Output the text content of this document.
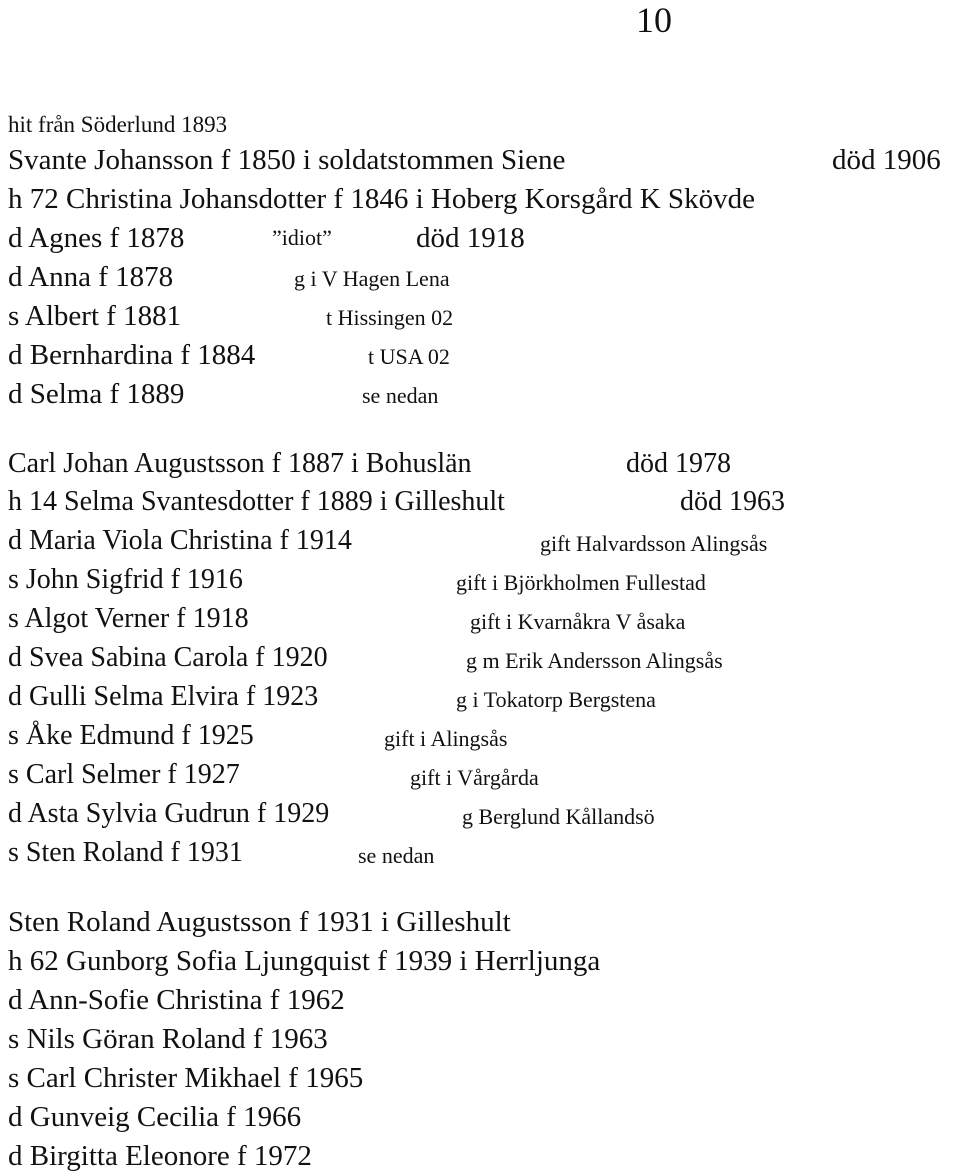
10
hit från Söderlund 1893
Svante Johansson f 1850 i soldatstommen Siene	död 1906
h 72 Christina Johansdotter f 1846 i Hoberg Korsgård K Skövde
d Agnes f 1878	”idiot”	död 1918
d Anna f 1878	g i V Hagen Lena
s Albert f 1881	t Hissingen 02
d Bernhardina f 1884	t USA 02
d Selma f 1889	se nedan
Carl Johan Augustsson f 1887 i Bohuslän	död 1978
h 14 Selma Svantesdotter f 1889 i Gilleshult	död 1963
d Maria Viola Christina f 1914	gift Halvardsson Alingsås
s John Sigfrid f 1916	gift i Björkholmen Fullestad
s Algot Verner f 1918	gift i Kvarnåkra V åsaka
d Svea Sabina Carola f 1920	g m Erik Andersson Alingsås
d Gulli Selma Elvira f 1923	g i Tokatorp Bergstena
s Åke Edmund f 1925	gift i Alingsås
s Carl Selmer f 1927	gift i Vårgårda
d Asta Sylvia Gudrun f 1929	g Berglund Kållandsö
s Sten Roland f 1931	se nedan
Sten Roland Augustsson f 1931 i Gilleshult
h 62 Gunborg Sofia Ljungquist f 1939 i Herrljunga
d Ann-Sofie Christina f 1962
s Nils Göran Roland f 1963
s Carl Christer Mikhael f 1965
d Gunveig Cecilia f 1966
d Birgitta Eleonore f 1972
